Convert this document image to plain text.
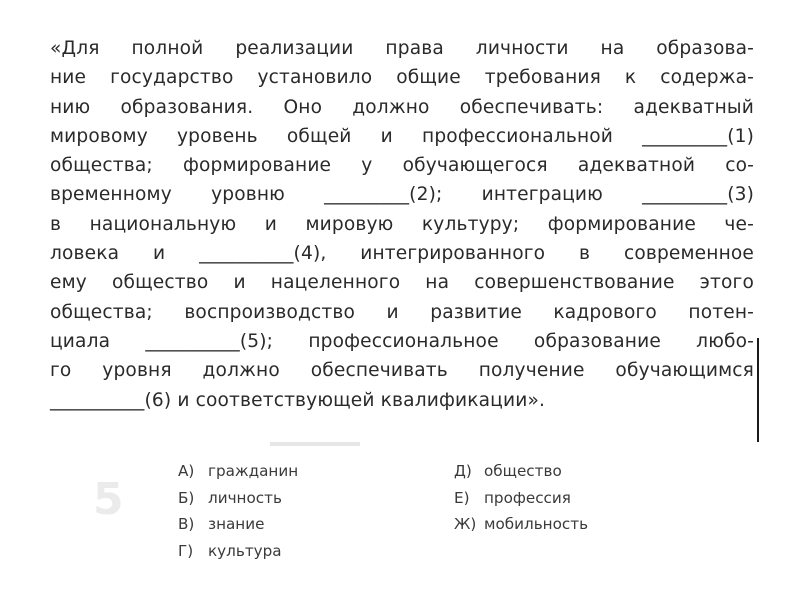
«Для полной реализации права личности на образова-
ние государство установило общие требования к содержа-
нию образования. Оно должно обеспечивать: адекватный
мировому уровень общей и профессиональной _________(1)
общества; формирование у обучающегося адекватной со-
временному уровню _________(2); интеграцию _________(3)
в национальную и мировую культуру; формирование че-
ловека и __________(4), интегрированного в современное
ему общество и нацеленного на совершенствование этого
общества; воспроизводство и развитие кадрового потен-
циала __________(5); профессиональное образование любо-
го уровня должно обеспечивать получение обучающимся
__________(6) и соответствующей квалификации».
5
А) гражданин
Б) личность
В) знание
Г) культура
Д) общество
Е) профессия
Ж) мобильность
